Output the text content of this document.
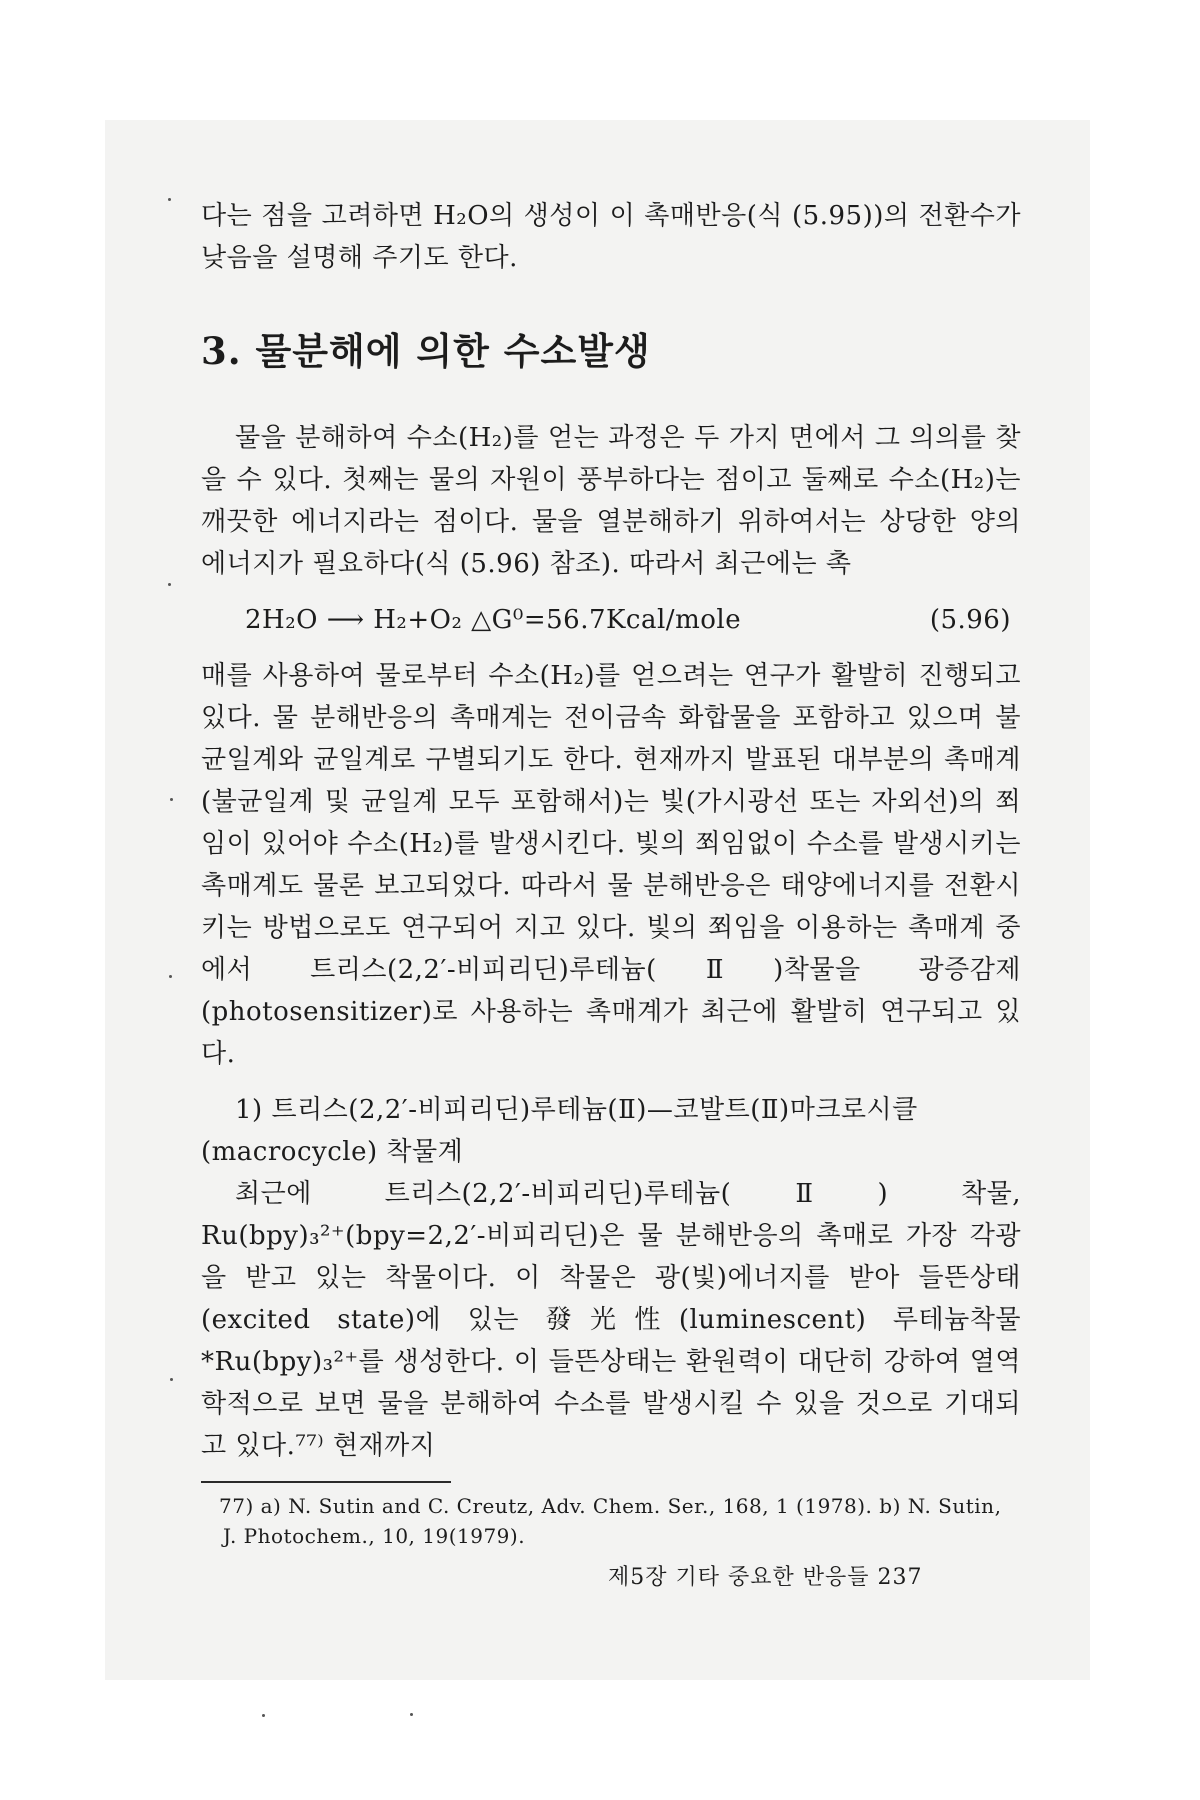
다는 점을 고려하면 H₂O의 생성이 이 촉매반응(식 (5.95))의 전환수가 낮음을 설명해 주기도 한다.

3. 물분해에 의한 수소발생

물을 분해하여 수소(H₂)를 얻는 과정은 두 가지 면에서 그 의의를 찾을 수 있다. 첫째는 물의 자원이 풍부하다는 점이고 둘째로 수소(H₂)는 깨끗한 에너지라는 점이다. 물을 열분해하기 위하여서는 상당한 양의 에너지가 필요하다(식 (5.96) 참조). 따라서 최근에는 촉

2H₂O ⟶ H₂+O₂ △G⁰=56.7Kcal/mole	(5.96)

매를 사용하여 물로부터 수소(H₂)를 얻으려는 연구가 활발히 진행되고 있다. 물 분해반응의 촉매계는 전이금속 화합물을 포함하고 있으며 불균일계와 균일계로 구별되기도 한다. 현재까지 발표된 대부분의 촉매계(불균일계 및 균일계 모두 포함해서)는 빛(가시광선 또는 자외선)의 쬐임이 있어야 수소(H₂)를 발생시킨다. 빛의 쬐임없이 수소를 발생시키는 촉매계도 물론 보고되었다. 따라서 물 분해반응은 태양에너지를 전환시키는 방법으로도 연구되어 지고 있다. 빛의 쬐임을 이용하는 촉매계 중에서 트리스(2,2′-비피리딘)루테늄(Ⅱ)착물을 광증감제(photosensitizer)로 사용하는 촉매계가 최근에 활발히 연구되고 있다.

1) 트리스(2,2′-비피리딘)루테늄(Ⅱ)—코발트(Ⅱ)마크로시클

(macrocycle) 착물계

최근에 트리스(2,2′-비피리딘)루테늄(Ⅱ) 착물, Ru(bpy)₃²⁺(bpy=2,2′-비피리딘)은 물 분해반응의 촉매로 가장 각광을 받고 있는 착물이다. 이 착물은 광(빛)에너지를 받아 들뜬상태(excited state)에 있는 發光性(luminescent) 루테늄착물 *Ru(bpy)₃²⁺를 생성한다. 이 들뜬상태는 환원력이 대단히 강하여 열역학적으로 보면 물을 분해하여 수소를 발생시킬 수 있을 것으로 기대되고 있다.⁷⁷⁾ 현재까지

77) a) N. Sutin and C. Creutz, Adv. Chem. Ser., 168, 1 (1978). b) N. Sutin, J. Photochem., 10, 19(1979).

제5장 기타 중요한 반응들 237
